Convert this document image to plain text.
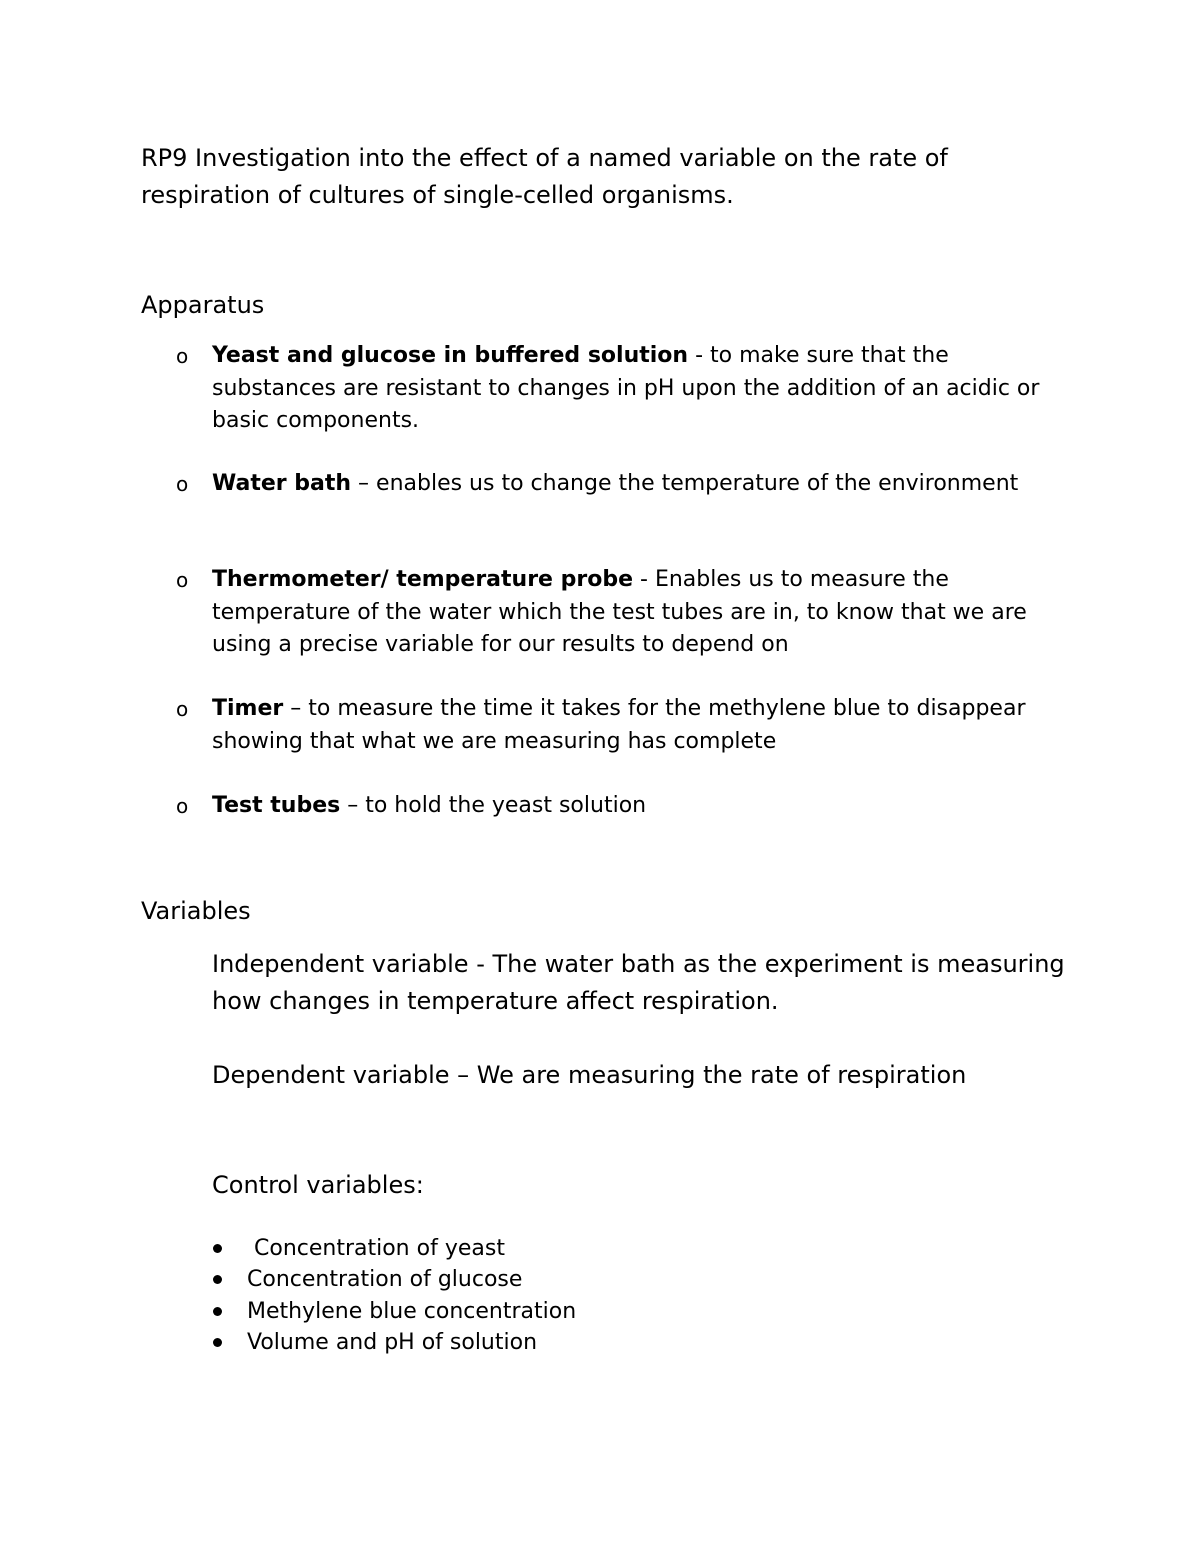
RP9 Investigation into the effect of a named variable on the rate of respiration of cultures of single-celled organisms.
Apparatus
o Yeast and glucose in buffered solution - to make sure that the substances are resistant to changes in pH upon the addition of an acidic or basic components.
o Water bath – enables us to change the temperature of the environment
o Thermometer/ temperature probe - Enables us to measure the temperature of the water which the test tubes are in, to know that we are using a precise variable for our results to depend on
o Timer – to measure the time it takes for the methylene blue to disappear showing that what we are measuring has complete
o Test tubes – to hold the yeast solution
Variables

Independent variable - The water bath as the experiment is measuring how changes in temperature affect respiration.

Dependent variable – We are measuring the rate of respiration

Control variables:

Concentration of yeast
Concentration of glucose
Methylene blue concentration
Volume and pH of solution
